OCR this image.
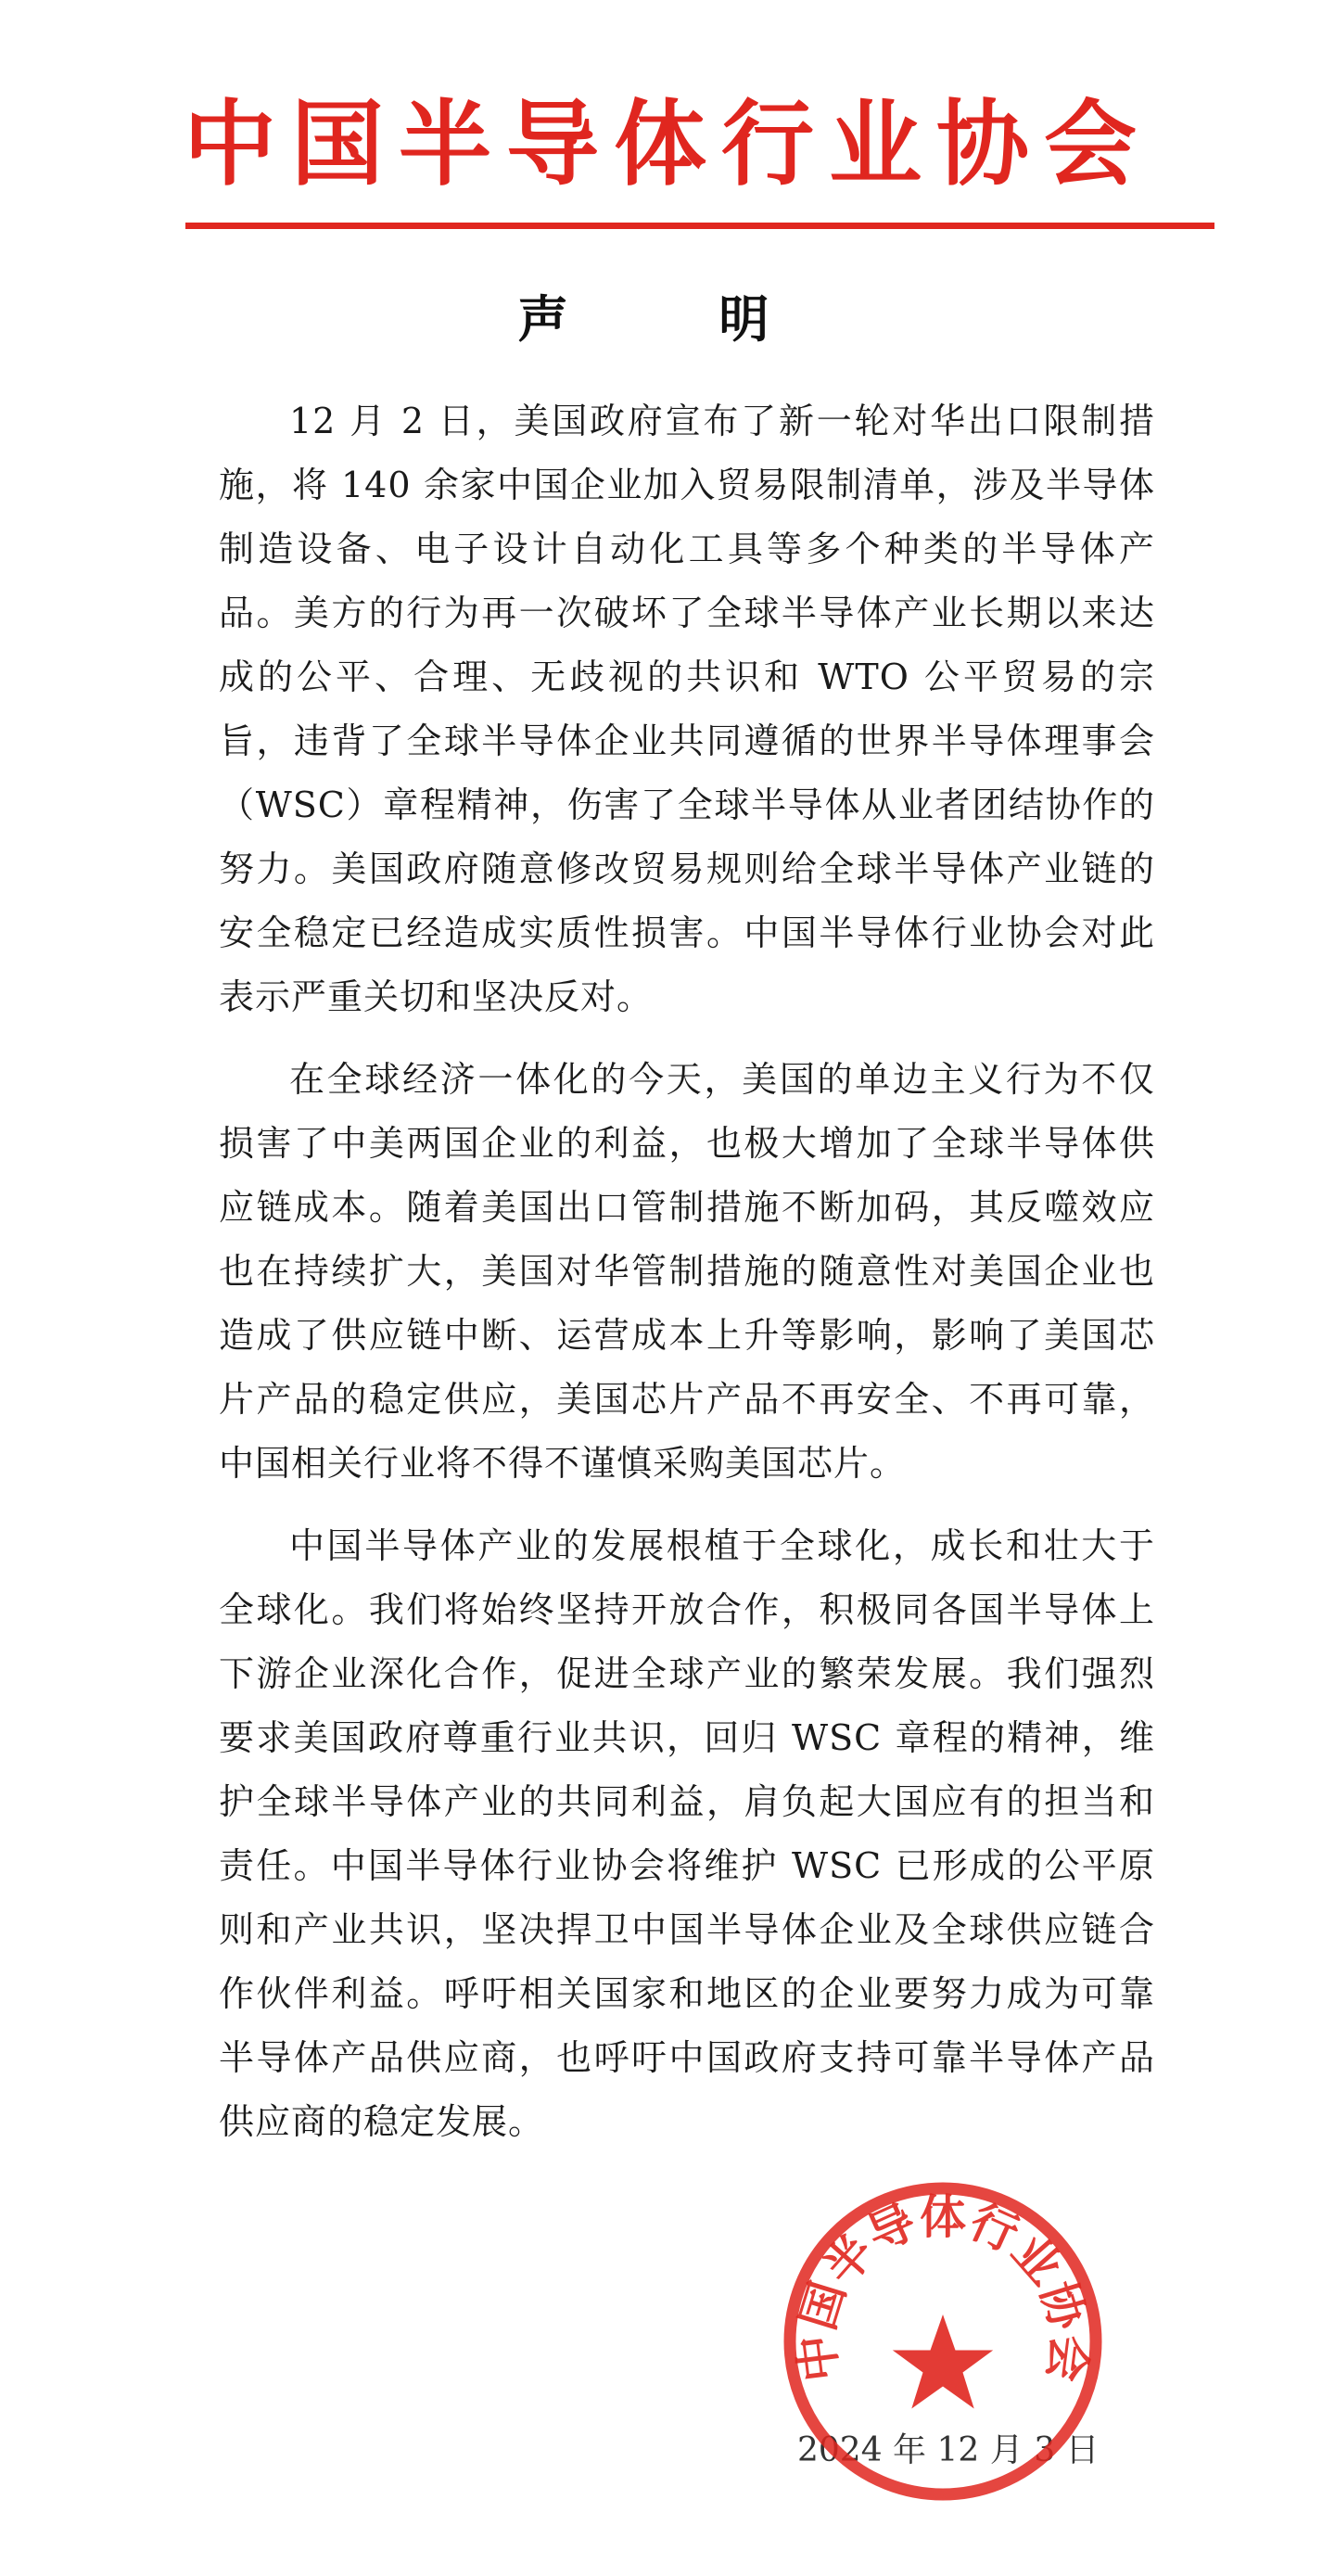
中国半导体行业协会
声 明

12 月 2 日，美国政府宣布了新一轮对华出口限制措施，将 140 余家中国企业加入贸易限制清单，涉及半导体制造设备、电子设计自动化工具等多个种类的半导体产品。美方的行为再一次破坏了全球半导体产业长期以来达成的公平、合理、无歧视的共识和 WTO 公平贸易的宗旨，违背了全球半导体企业共同遵循的世界半导体理事会（WSC）章程精神，伤害了全球半导体从业者团结协作的努力。美国政府随意修改贸易规则给全球半导体产业链的安全稳定已经造成实质性损害。中国半导体行业协会对此表示严重关切和坚决反对。

在全球经济一体化的今天，美国的单边主义行为不仅损害了中美两国企业的利益，也极大增加了全球半导体供应链成本。随着美国出口管制措施不断加码，其反噬效应也在持续扩大，美国对华管制措施的随意性对美国企业也造成了供应链中断、运营成本上升等影响，影响了美国芯片产品的稳定供应，美国芯片产品不再安全、不再可靠，中国相关行业将不得不谨慎采购美国芯片。

中国半导体产业的发展根植于全球化，成长和壮大于全球化。我们将始终坚持开放合作，积极同各国半导体上下游企业深化合作，促进全球产业的繁荣发展。我们强烈要求美国政府尊重行业共识，回归 WSC 章程的精神，维护全球半导体产业的共同利益，肩负起大国应有的担当和责任。中国半导体行业协会将维护 WSC 已形成的公平原则和产业共识，坚决捍卫中国半导体企业及全球供应链合作伙伴利益。呼吁相关国家和地区的企业要努力成为可靠半导体产品供应商，也呼吁中国政府支持可靠半导体产品供应商的稳定发展。

2024 年 12 月 3 日
中国半导体行业协会
